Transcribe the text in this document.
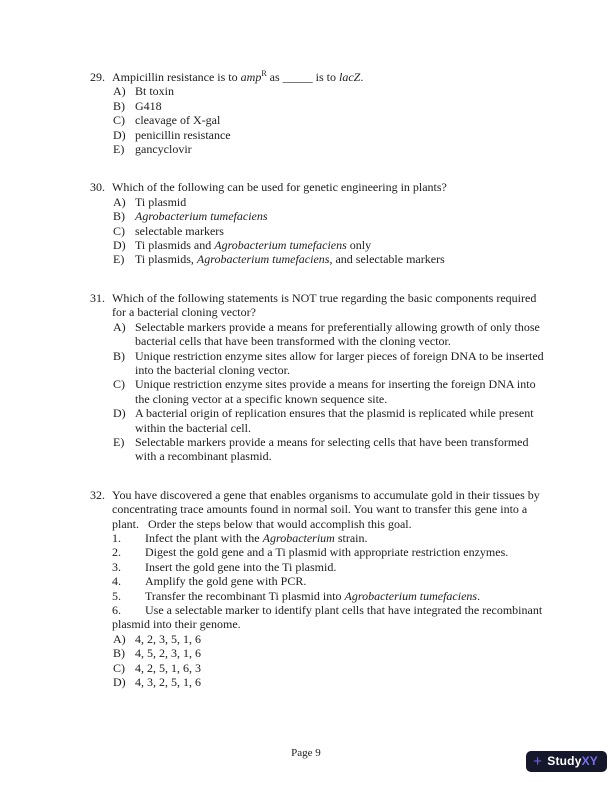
29. Ampicillin resistance is to amp$^R$ as _____ is to lacZ.
A) Bt toxin
B) G418
C) cleavage of X-gal
D) penicillin resistance
E) gancyclovir
30. Which of the following can be used for genetic engineering in plants?
A) Ti plasmid
B) Agrobacterium tumefaciens
C) selectable markers
D) Ti plasmids and Agrobacterium tumefaciens only
E) Ti plasmids, Agrobacterium tumefaciens, and selectable markers
31. Which of the following statements is NOT true regarding the basic components required for a bacterial cloning vector?
A) Selectable markers provide a means for preferentially allowing growth of only those bacterial cells that have been transformed with the cloning vector.
B) Unique restriction enzyme sites allow for larger pieces of foreign DNA to be inserted into the bacterial cloning vector.
C) Unique restriction enzyme sites provide a means for inserting the foreign DNA into the cloning vector at a specific known sequence site.
D) A bacterial origin of replication ensures that the plasmid is replicated while present within the bacterial cell.
E) Selectable markers provide a means for selecting cells that have been transformed with a recombinant plasmid.
32. You have discovered a gene that enables organisms to accumulate gold in their tissues by concentrating trace amounts found in normal soil. You want to transfer this gene into a plant.   Order the steps below that would accomplish this goal.
1. Infect the plant with the Agrobacterium strain.
2. Digest the gold gene and a Ti plasmid with appropriate restriction enzymes.
3. Insert the gold gene into the Ti plasmid.
4. Amplify the gold gene with PCR.
5. Transfer the recombinant Ti plasmid into Agrobacterium tumefaciens.
6. Use a selectable marker to identify plant cells that have integrated the recombinant plasmid into their genome.
A) 4, 2, 3, 5, 1, 6
B) 4, 5, 2, 3, 1, 6
C) 4, 2, 5, 1, 6, 3
D) 4, 3, 2, 5, 1, 6
Page 9	+ Study XY
